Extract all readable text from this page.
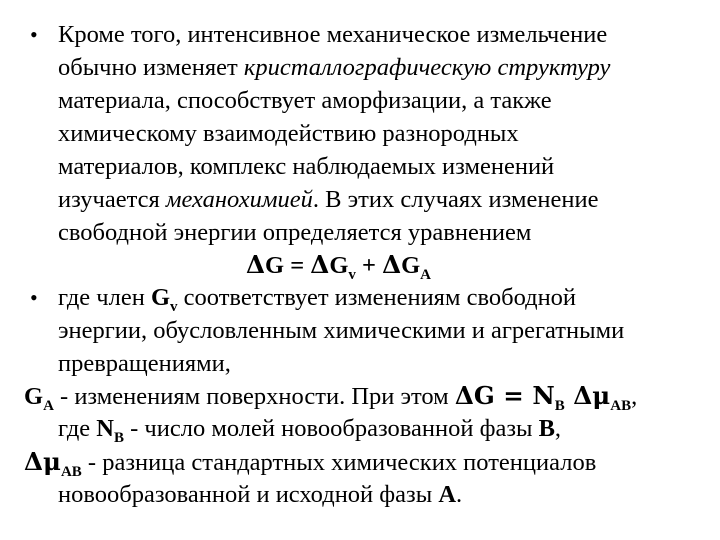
• Кроме того, интенсивное механическое измельчение
обычно изменяет кристаллографическую структуру
материала, способствует аморфизации, а также
химическому взаимодействию разнородных
материалов, комплекс наблюдаемых изменений
изучается механохимией. В этих случаях изменение
свободной энергии определяется уравнением
$\Delta G = \Delta G_v + \Delta G_A$
• где член $G_v$ соответствует изменениям свободной
энергии, обусловленным химическими и агрегатными
превращениями,
$G_A$ - изменениям поверхности. При этом $\Delta G = N_B$ $\Delta\mu_{AB}$,
где $N_B$ - число молей новообразованной фазы B,
$\Delta\mu_{AB}$ - разница стандартных химических потенциалов
новообразованной и исходной фазы A.
